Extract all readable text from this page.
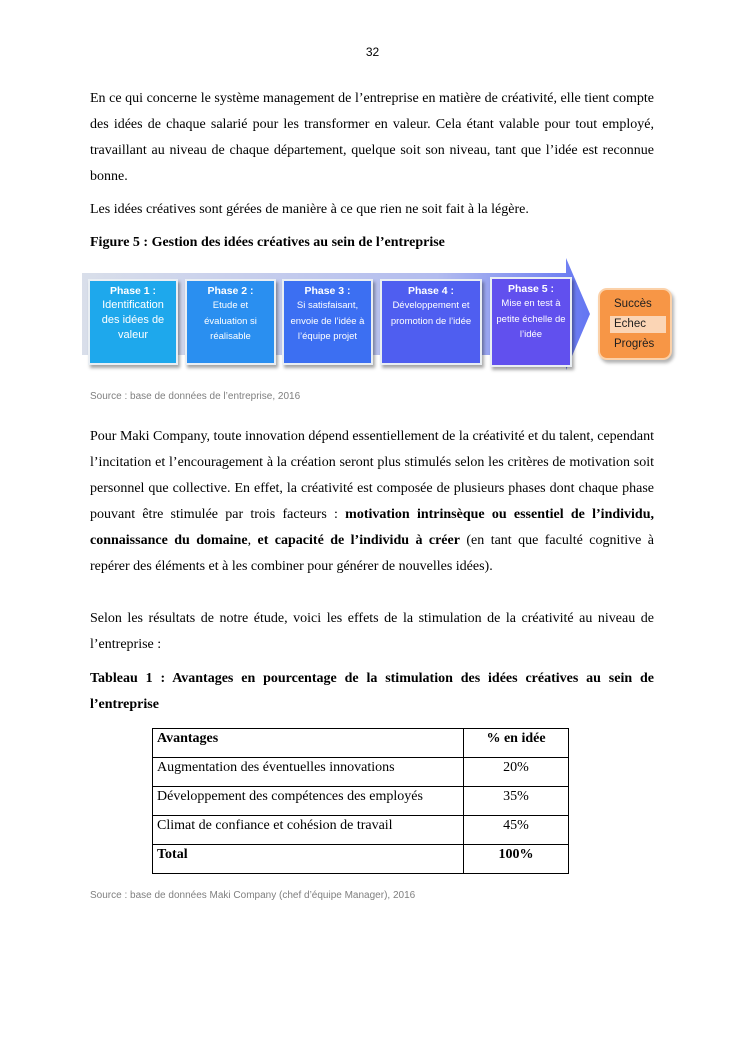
32

En ce qui concerne le système management de l’entreprise en matière de créativité, elle tient compte des idées de chaque salarié pour les transformer en valeur. Cela étant valable pour tout employé, travaillant au niveau de chaque département, quelque soit son niveau, tant que l’idée est reconnue bonne.

Les idées créatives sont gérées de manière à ce que rien ne soit fait à la légère.

Figure 5 : Gestion des idées créatives au sein de l’entreprise

Phase 1 :
Identification des idées de valeur
Phase 2 :
Etude et évaluation si réalisable
Phase 3 :
Si satisfaisant, envoie de l’idée à l’équipe projet
Phase 4 :
Développement et promotion de l’idée
Phase 5 :
Mise en test à petite échelle de l’idée
Succès
Echec
Progrès
Source : base de données de l’entreprise, 2016

Pour Maki Company, toute innovation dépend essentiellement de la créativité et du talent, cependant l’incitation et l’encouragement à la création seront plus stimulés selon les critères de motivation soit personnel que collective. En effet, la créativité est composée de plusieurs phases dont chaque phase pouvant être stimulée par trois facteurs : motivation intrinsèque ou essentiel de l’individu, connaissance du domaine, et capacité de l’individu à créer (en tant que faculté cognitive à repérer des éléments et à les combiner pour générer de nouvelles idées).

Selon les résultats de notre étude, voici les effets de la stimulation de la créativité au niveau de l’entreprise :

Tableau 1 : Avantages en pourcentage de la stimulation des idées créatives au sein de l’entreprise

Avantages	% en idée
Augmentation des éventuelles innovations	20%
Développement des compétences des employés	35%
Climat de confiance et cohésion de travail	45%
Total	100%
Source : base de données Maki Company (chef d’équipe Manager), 2016
